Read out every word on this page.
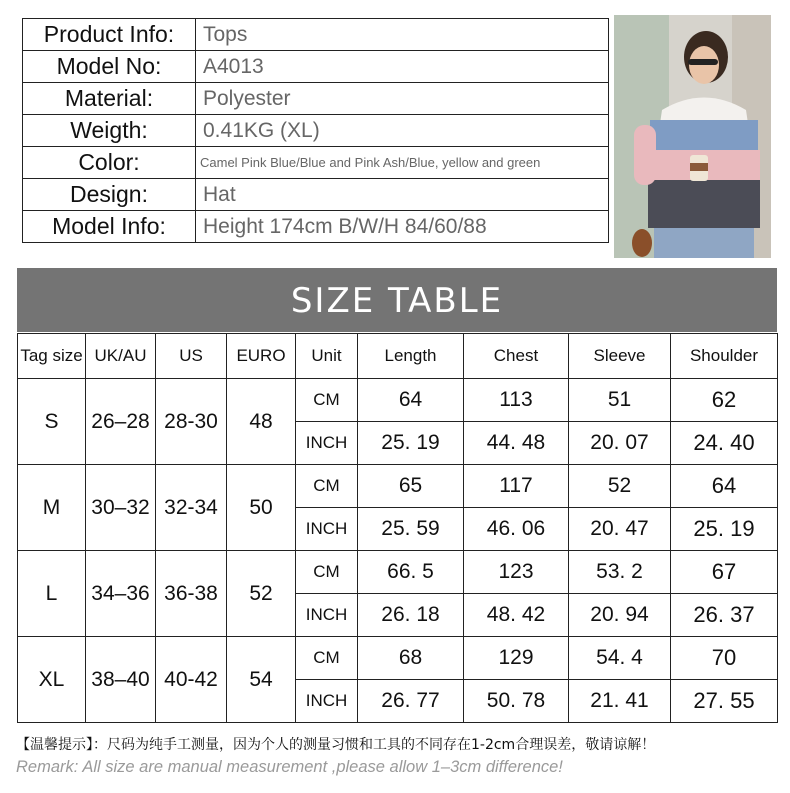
Product Info:	Tops
Model No:	A4013
Material:	Polyester
Weigth:	0.41KG (XL)
Color:	Camel Pink Blue/Blue and Pink Ash/Blue, yellow and green
Design:	Hat
Model Info:	Height 174cm B/W/H 84/60/88
SIZE TABLE
Tag size	UK/AU	US	EURO	Unit	Length	Chest	Sleeve	Shoulder
S	26–28	28-30	48	CM	64	113	51	62
				INCH	25. 19	44. 48	20. 07	24. 40
M	30–32	32-34	50	CM	65	117	52	64
				INCH	25. 59	46. 06	20. 47	25. 19
L	34–36	36-38	52	CM	66. 5	123	53. 2	67
				INCH	26. 18	48. 42	20. 94	26. 37
XL	38–40	40-42	54	CM	68	129	54. 4	70
				INCH	26. 77	50. 78	21. 41	27. 55
【温馨提示】：尺码为纯手工测量，因为个人的测量习惯和工具的不同存在1-2cm合理误差，敬请谅解！
Remark: All size are manual measurement ,please allow 1–3cm difference!
